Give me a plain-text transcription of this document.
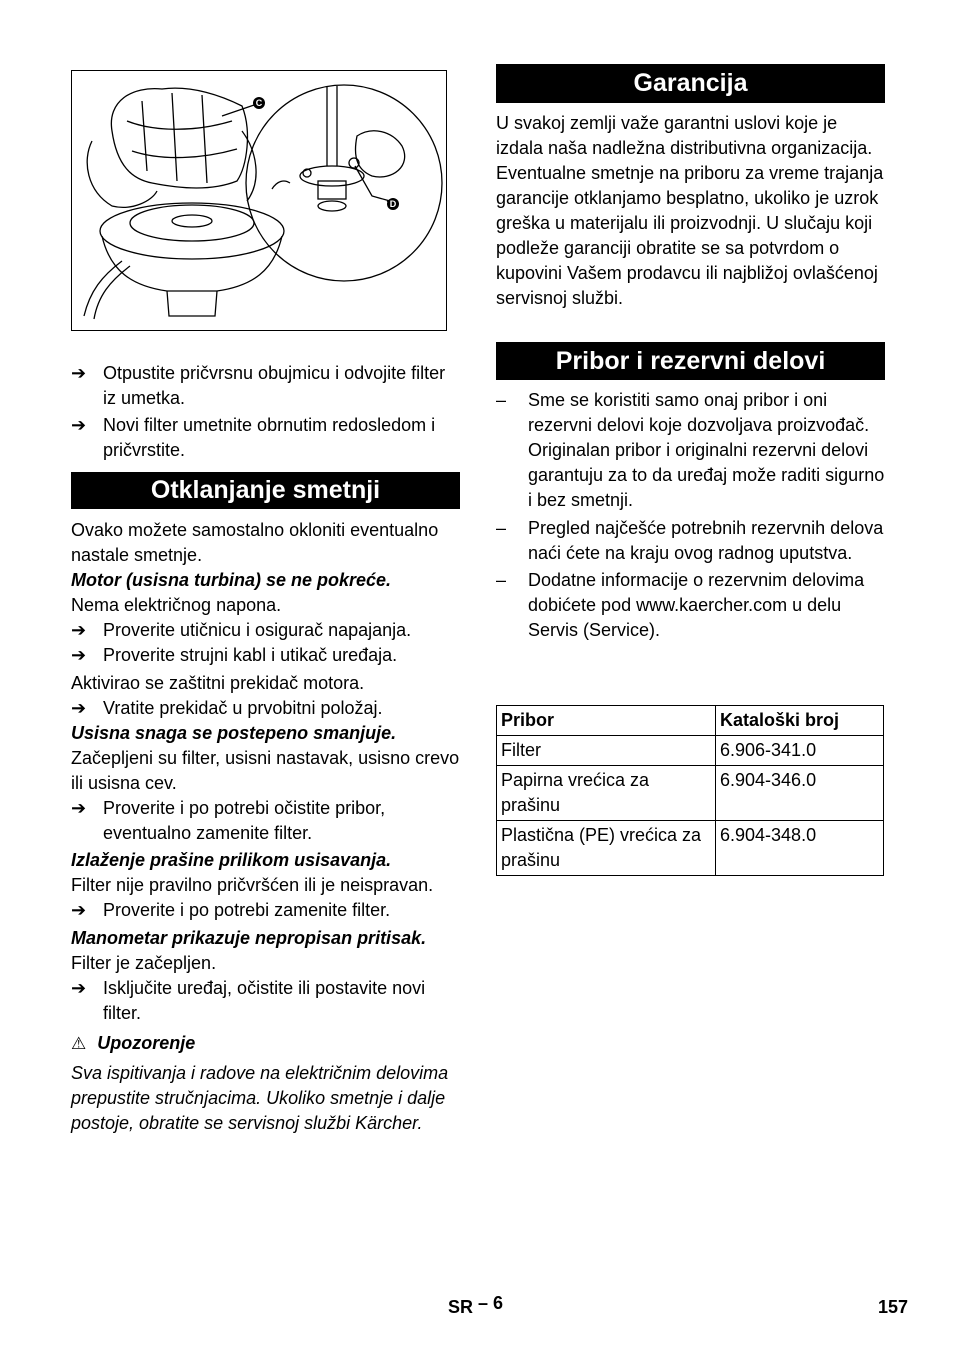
C
D
➔ Otpustite pričvrsnu obujmicu i odvojite filter iz umetka.
➔ Novi filter umetnite obrnutim redosledom i pričvrstite.
Otklanjanje smetnji
Ovako možete samostalno okloniti eventualno nastale smetnje.
Motor (usisna turbina) se ne pokreće.
Nema električnog napona.
➔ Proverite utičnicu i osigurač napajanja.
➔ Proverite strujni kabl i utikač uređaja.
Aktivirao se zaštitni prekidač motora.
➔ Vratite prekidač u prvobitni položaj.
Usisna snaga se postepeno smanjuje.
Začepljeni su filter, usisni nastavak, usisno crevo ili usisna cev.
➔ Proverite i po potrebi očistite pribor, eventualno zamenite filter.
Izlaženje prašine prilikom usisavanja.
Filter nije pravilno pričvršćen ili je neispravan.
➔ Proverite i po potrebi zamenite filter.
Manometar prikazuje nepropisan pritisak.
Filter je začepljen.
➔ Isključite uređaj, očistite ili postavite novi filter.
⚠ Upozorenje
Sva ispitivanja i radove na električnim delovima prepustite stručnjacima. Ukoliko smetnje i dalje postoje, obratite se servisnoj službi Kärcher.
Garancija
U svakoj zemlji važe garantni uslovi koje je izdala naša nadležna distributivna organizacija. Eventualne smetnje na priboru za vreme trajanja garancije otklanjamo besplatno, ukoliko je uzrok greška u materijalu ili proizvodnji. U slučaju koji podleže garanciji obratite se sa potvrdom o kupovini Vašem prodavcu ili najbližoj ovlašćenoj servisnoj službi.
Pribor i rezervni delovi
– Sme se koristiti samo onaj pribor i oni rezervni delovi koje dozvoljava proizvođač. Originalan pribor i originalni rezervni delovi garantuju za to da uređaj može raditi sigurno i bez smetnji.
– Pregled najčešće potrebnih rezervnih delova naći ćete na kraju ovog radnog uputstva.
– Dodatne informacije o rezervnim delovima dobićete pod www.kaercher.com u delu Servis (Service).
Pribor	Kataloški broj
Filter	6.906-341.0
Papirna vrećica za prašinu	6.904-346.0
Plastična (PE) vrećica za prašinu	6.904-348.0
SR – 6	157
